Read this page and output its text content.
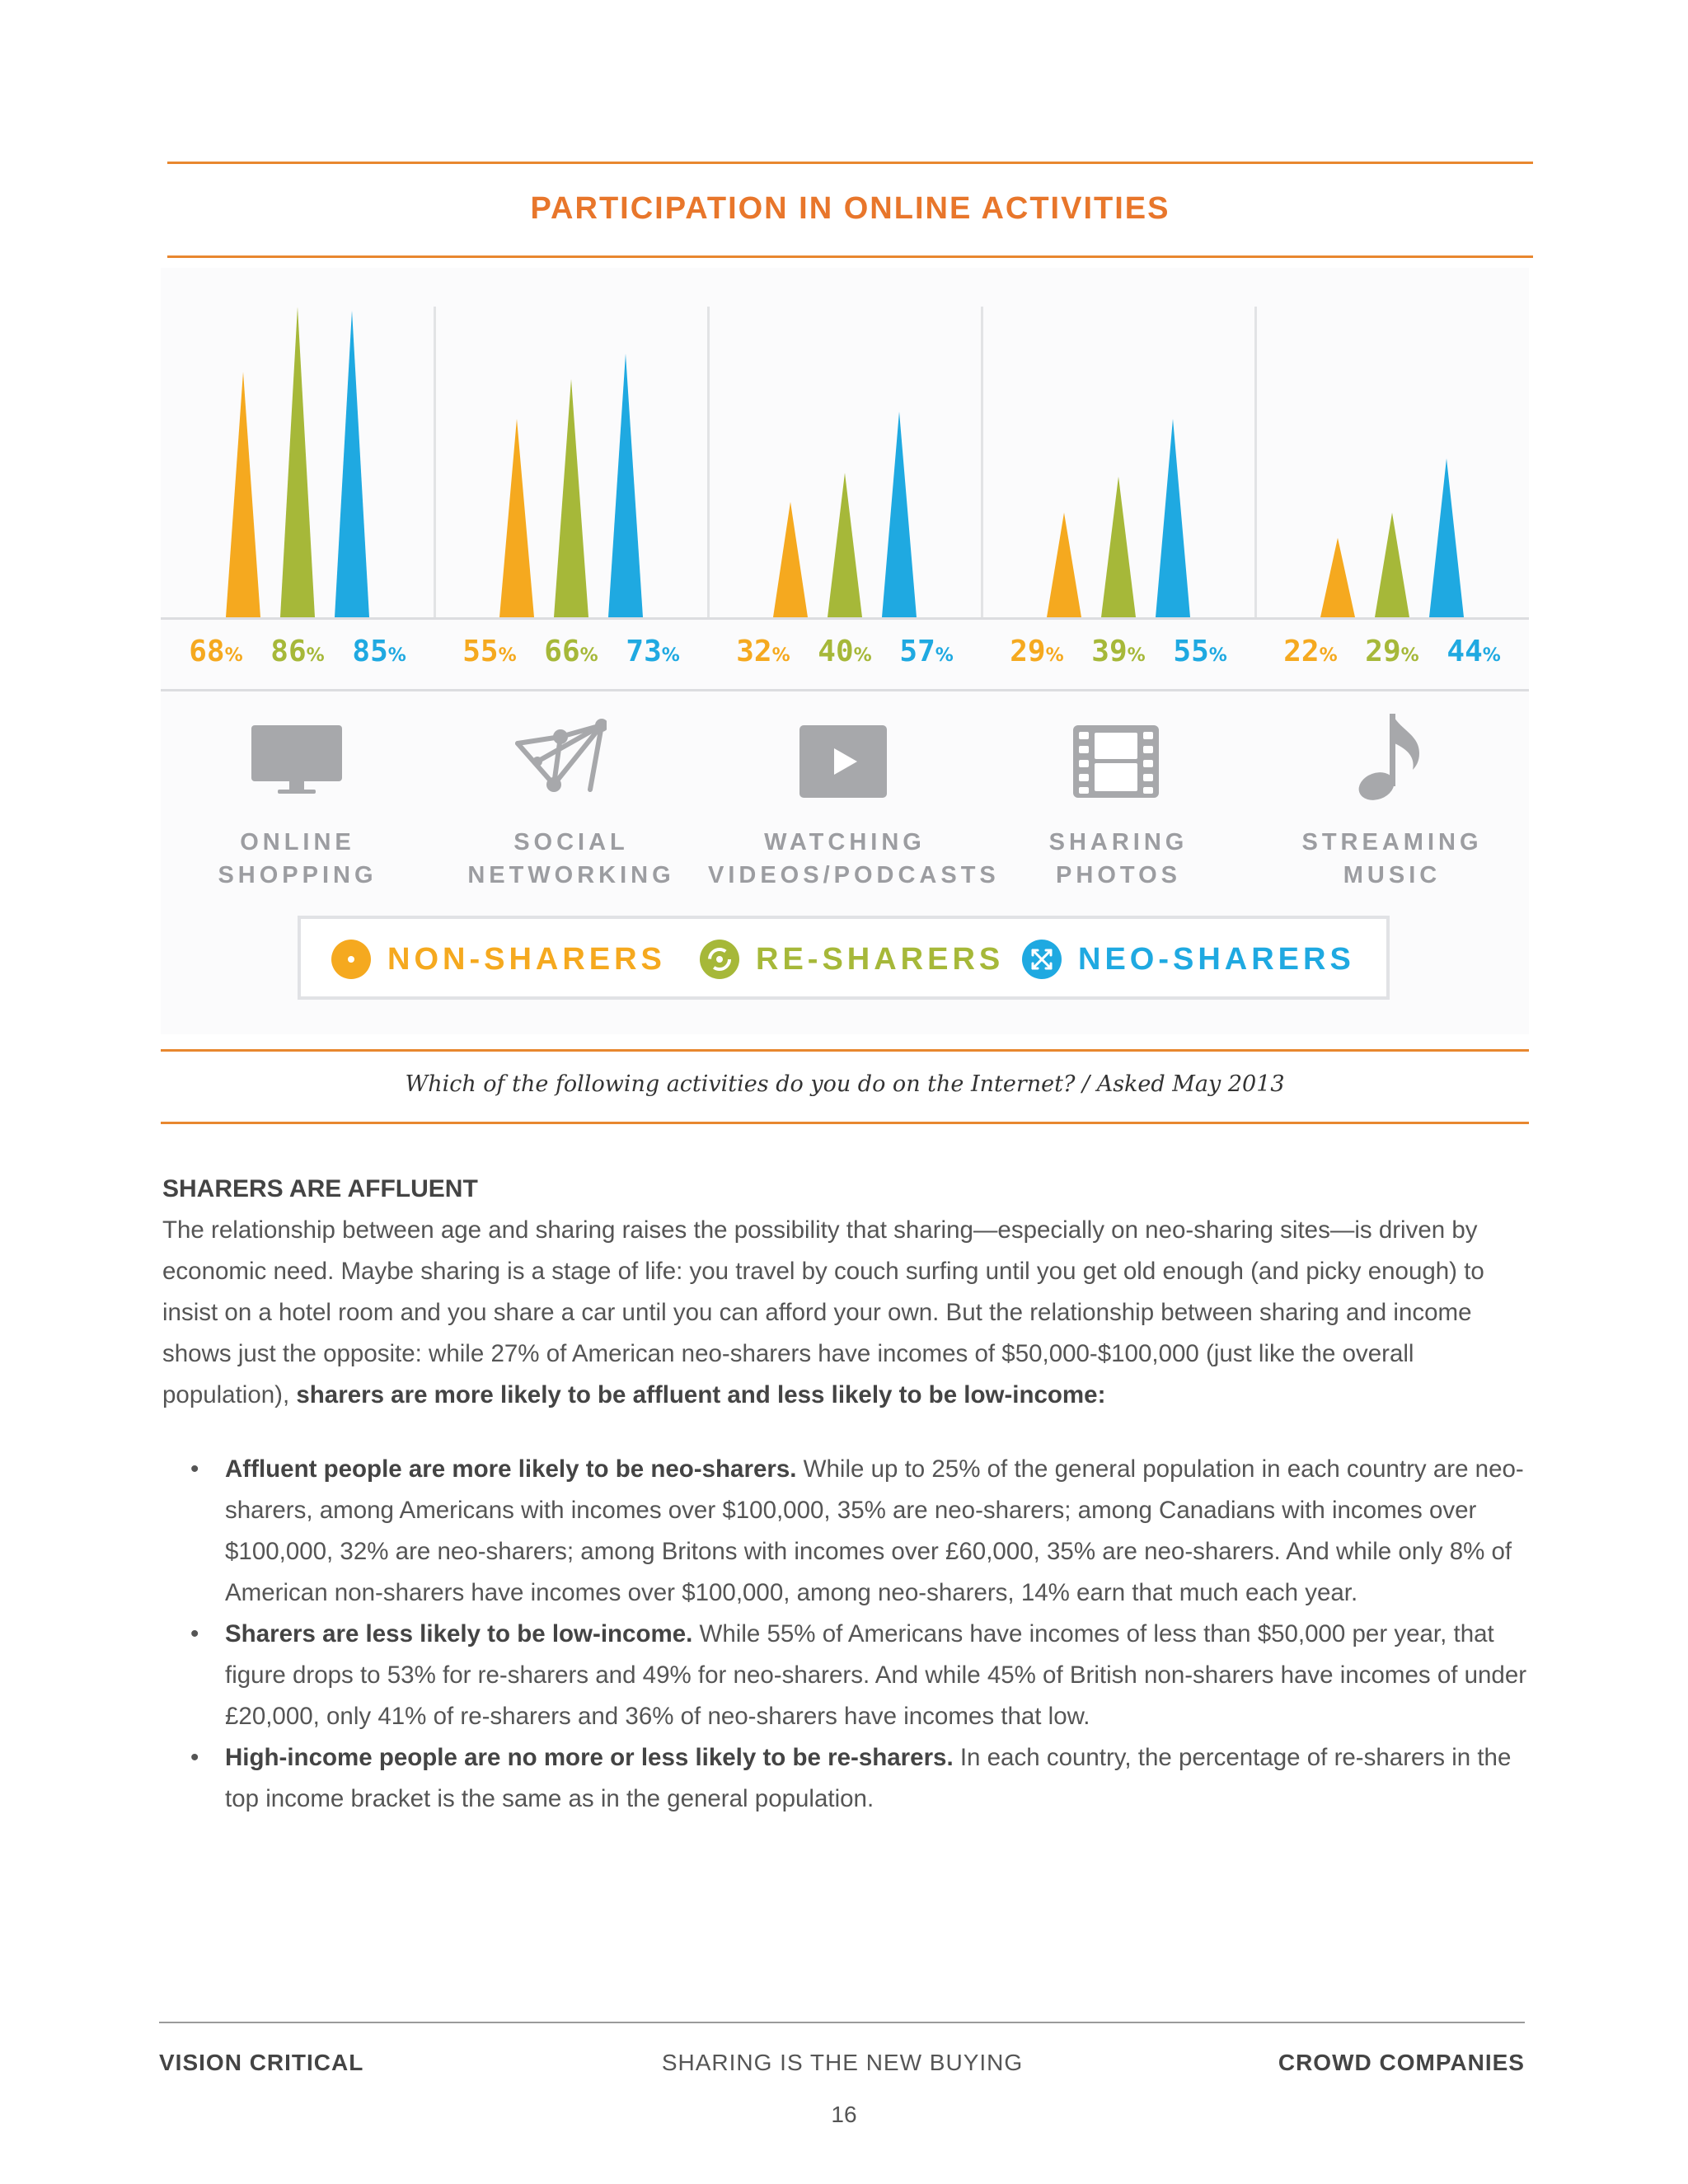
PARTICIPATION IN ONLINE ACTIVITIES
68% 86% 85%	55% 66% 73%	32% 40% 57%	29% 39% 55%	22% 29% 44%
ONLINE
SHOPPING
SOCIAL
NETWORKING
WATCHING
VIDEOS/PODCASTS
SHARING
PHOTOS
STREAMING
MUSIC
NON-SHARERS	RE-SHARERS NEO-SHARERS
Which of the following activities do you do on the Internet? / Asked May 2013
SHARERS ARE AFFLUENT
The relationship between age and sharing raises the possibility that sharing—especially on neo-sharing sites—is driven by economic need. Maybe sharing is a stage of life: you travel by couch surfing until you get old enough (and picky enough) to insist on a hotel room and you share a car until you can afford your own. But the relationship between sharing and income shows just the opposite: while 27% of American neo-sharers have incomes of $50,000-$100,000 (just like the overall population), sharers are more likely to be affluent and less likely to be low-income:
• Affluent people are more likely to be neo-sharers. While up to 25% of the general population in each country are neo-sharers, among Americans with incomes over $100,000, 35% are neo-sharers; among Canadians with incomes over $100,000, 32% are neo-sharers; among Britons with incomes over £60,000, 35% are neo-sharers. And while only 8% of American non-sharers have incomes over $100,000, among neo-sharers, 14% earn that much each year.
• Sharers are less likely to be low-income. While 55% of Americans have incomes of less than $50,000 per year, that figure drops to 53% for re-sharers and 49% for neo-sharers. And while 45% of British non-sharers have incomes of under £20,000, only 41% of re-sharers and 36% of neo-sharers have incomes that low.
• High-income people are no more or less likely to be re-sharers. In each country, the percentage of re-sharers in the top income bracket is the same as in the general population.
VISION CRITICAL	SHARING IS THE NEW BUYING	CROWD COMPANIES
16
